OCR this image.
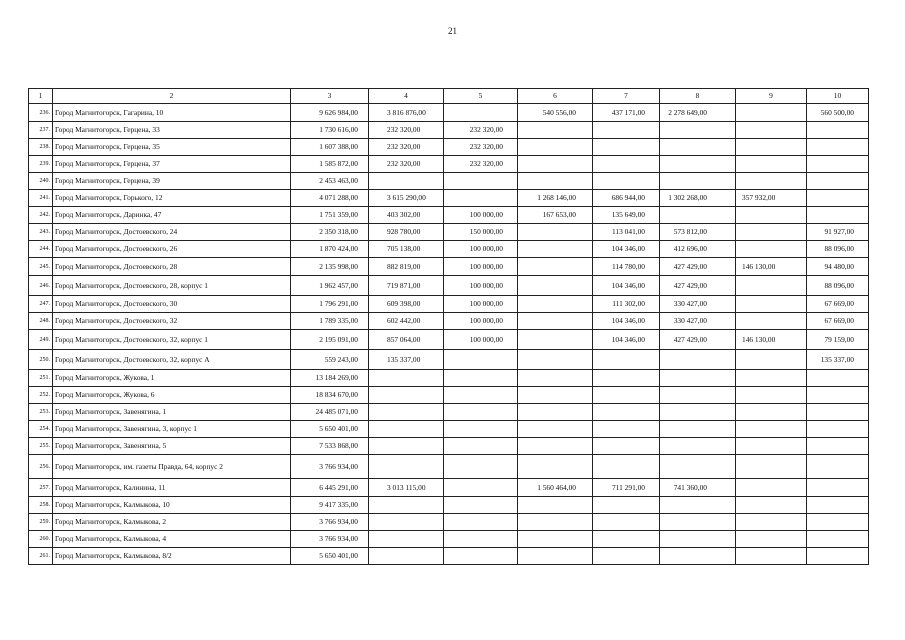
21
1	2	3	4	5	6	7	8	9	10
236.	Город Магнитогорск, Гагарина, 10	9 626 984,00	3 816 876,00		540 556,00	437 171,00	2 278 649,00		560 500,00
237.	Город Магнитогорск, Герцена, 33	1 730 616,00	232 320,00	232 320,00					
238.	Город Магнитогорск, Герцена, 35	1 607 388,00	232 320,00	232 320,00					
239.	Город Магнитогорск, Герцена, 37	1 585 872,00	232 320,00	232 320,00					
240.	Город Магнитогорск, Герцена, 39	2 453 463,00							
241.	Город Магнитогорск, Горького, 12	4 071 288,00	3 615 290,00		1 268 146,00	686 944,00	1 302 268,00	357 932,00	
242.	Город Магнитогорск, Даринка, 47	1 751 359,00	403 302,00	100 000,00	167 653,00	135 649,00			
243.	Город Магнитогорск, Достоевского, 24	2 350 318,00	928 780,00	150 000,00		113 041,00	573 812,00		91 927,00
244.	Город Магнитогорск, Достоевского, 26	1 870 424,00	705 138,00	100 000,00		104 346,00	412 696,00		88 096,00
245.	Город Магнитогорск, Достоевского, 28	2 135 998,00	882 819,00	100 000,00		114 780,00	427 429,00	146 130,00	94 480,00
246.	Город Магнитогорск, Достоевского, 28, корпус 1	1 962 457,00	719 871,00	100 000,00		104 346,00	427 429,00		88 096,00
247.	Город Магнитогорск, Достоевского, 30	1 796 291,00	609 398,00	100 000,00		111 302,00	330 427,00		67 669,00
248.	Город Магнитогорск, Достоевского, 32	1 789 335,00	602 442,00	100 000,00		104 346,00	330 427,00		67 669,00
249.	Город Магнитогорск, Достоевского, 32, корпус 1	2 195 091,00	857 064,00	100 000,00		104 346,00	427 429,00	146 130,00	79 159,00
250.	Город Магнитогорск, Достоевского, 32, корпус А	559 243,00	135 337,00						135 337,00
251.	Город Магнитогорск, Жукова, 1	13 184 269,00							
252.	Город Магнитогорск, Жукова, 6	18 834 670,00							
253.	Город Магнитогорск, Завенягина, 1	24 485 071,00							
254.	Город Магнитогорск, Завенягина, 3, корпус 1	5 650 401,00							
255.	Город Магнитогорск, Завенягина, 5	7 533 868,00							
256.	Город Магнитогорск, им. газеты Правда, 64, корпус 2	3 766 934,00							
257.	Город Магнитогорск, Калинина, 11	6 445 291,00	3 013 115,00		1 560 464,00	711 291,00	741 360,00		
258.	Город Магнитогорск, Калмыкова, 10	9 417 335,00							
259.	Город Магнитогорск, Калмыкова, 2	3 766 934,00							
260.	Город Магнитогорск, Калмыкова, 4	3 766 934,00							
261.	Город Магнитогорск, Калмыкова, 8/2	5 650 401,00							
